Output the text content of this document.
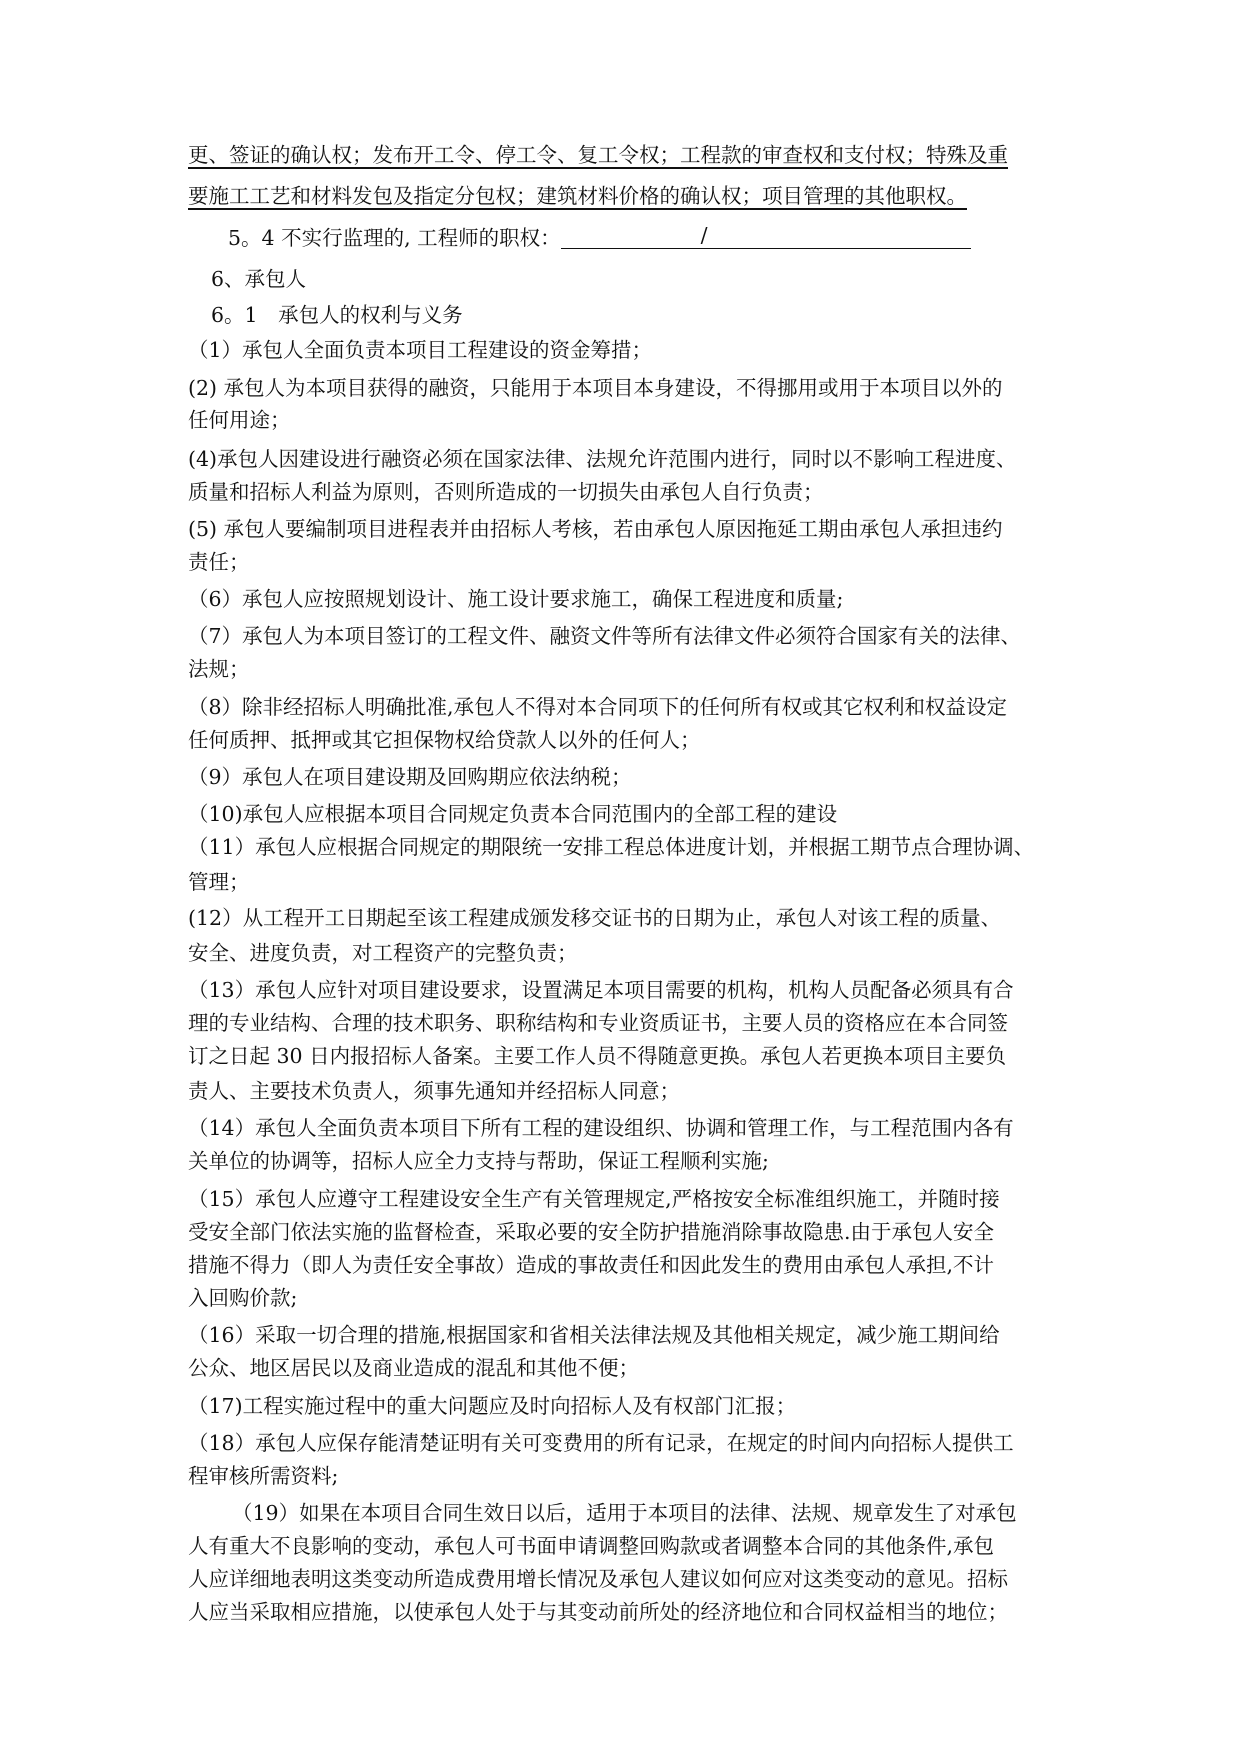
更、签证的确认权；发布开工令、停工令、复工令权；工程款的审查权和支付权；特殊及重
要施工工艺和材料发包及指定分包权；建筑材料价格的确认权；项目管理的其他职权。
5。4 不实行监理的, 工程师的职权：	/
6、承包人
6。1　承包人的权利与义务
（1）承包人全面负责本项目工程建设的资金筹措；
(2) 承包人为本项目获得的融资，只能用于本项目本身建设，不得挪用或用于本项目以外的
任何用途；
(4)承包人因建设进行融资必须在国家法律、法规允许范围内进行，同时以不影响工程进度、
质量和招标人利益为原则，否则所造成的一切损失由承包人自行负责；
(5) 承包人要编制项目进程表并由招标人考核，若由承包人原因拖延工期由承包人承担违约
责任；
（6）承包人应按照规划设计、施工设计要求施工，确保工程进度和质量;
（7）承包人为本项目签订的工程文件、融资文件等所有法律文件必须符合国家有关的法律、
法规；
（8）除非经招标人明确批准,承包人不得对本合同项下的任何所有权或其它权利和权益设定
任何质押、抵押或其它担保物权给贷款人以外的任何人；
（9）承包人在项目建设期及回购期应依法纳税；
（10)承包人应根据本项目合同规定负责本合同范围内的全部工程的建设
（11）承包人应根据合同规定的期限统一安排工程总体进度计划，并根据工期节点合理协调、
管理；
(12）从工程开工日期起至该工程建成颁发移交证书的日期为止，承包人对该工程的质量、
安全、进度负责，对工程资产的完整负责；
（13）承包人应针对项目建设要求，设置满足本项目需要的机构，机构人员配备必须具有合
理的专业结构、合理的技术职务、职称结构和专业资质证书，主要人员的资格应在本合同签
订之日起 30 日内报招标人备案。主要工作人员不得随意更换。承包人若更换本项目主要负
责人、主要技术负责人，须事先通知并经招标人同意；
（14）承包人全面负责本项目下所有工程的建设组织、协调和管理工作，与工程范围内各有
关单位的协调等，招标人应全力支持与帮助，保证工程顺利实施;
（15）承包人应遵守工程建设安全生产有关管理规定,严格按安全标准组织施工，并随时接
受安全部门依法实施的监督检查，采取必要的安全防护措施消除事故隐患.由于承包人安全
措施不得力（即人为责任安全事故）造成的事故责任和因此发生的费用由承包人承担,不计
入回购价款;
（16）采取一切合理的措施,根据国家和省相关法律法规及其他相关规定，减少施工期间给
公众、地区居民以及商业造成的混乱和其他不便；
（17)工程实施过程中的重大问题应及时向招标人及有权部门汇报；
（18）承包人应保存能清楚证明有关可变费用的所有记录，在规定的时间内向招标人提供工
程审核所需资料;
（19）如果在本项目合同生效日以后，适用于本项目的法律、法规、规章发生了对承包
人有重大不良影响的变动，承包人可书面申请调整回购款或者调整本合同的其他条件,承包
人应详细地表明这类变动所造成费用增长情况及承包人建议如何应对这类变动的意见。招标
人应当采取相应措施，以使承包人处于与其变动前所处的经济地位和合同权益相当的地位；
